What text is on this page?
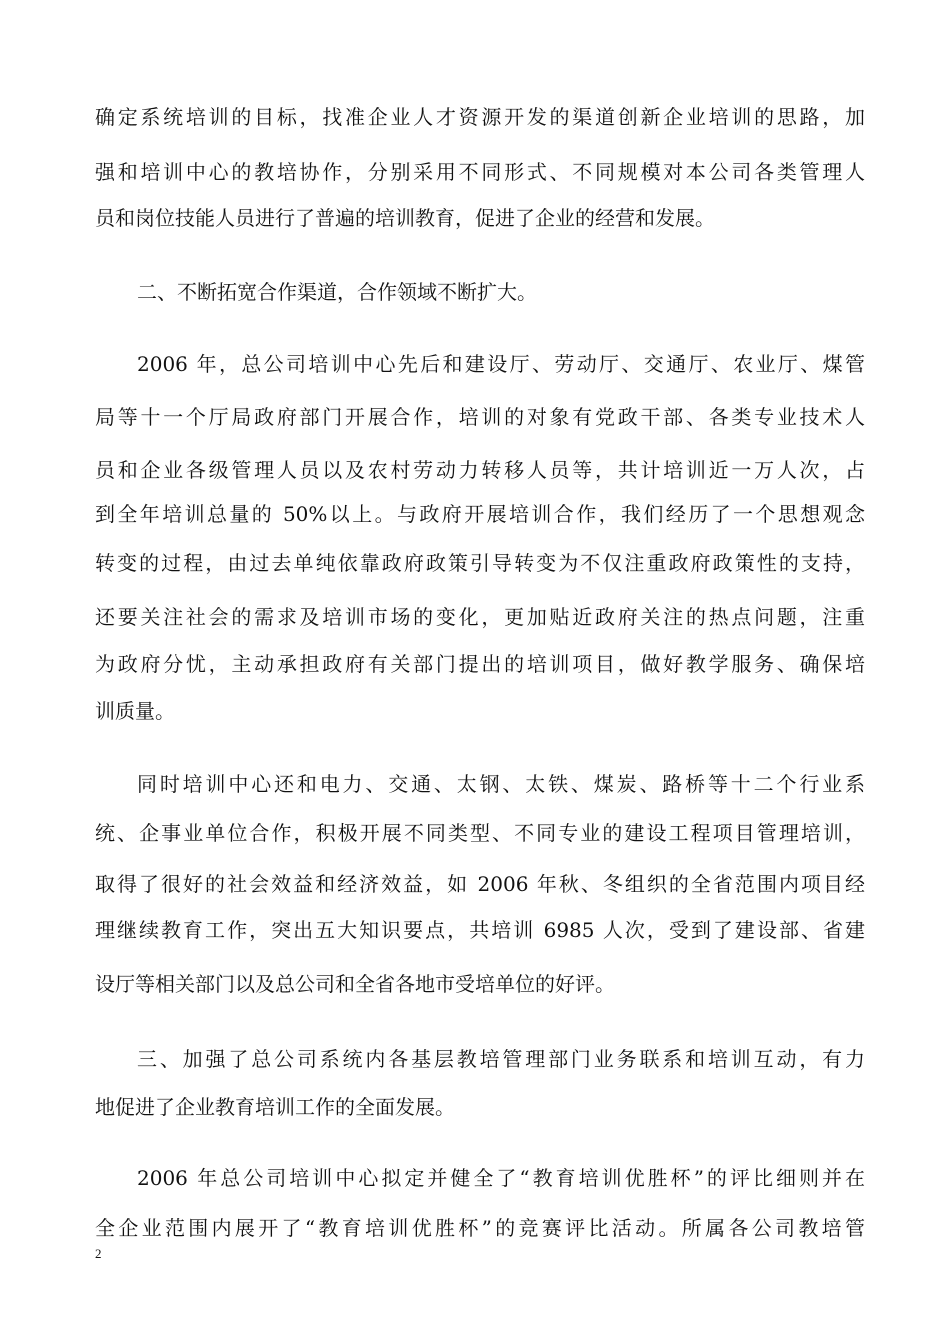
确定系统培训的目标，找准企业人才资源开发的渠道创新企业培训的思路，加
强和培训中心的教培协作，分别采用不同形式、不同规模对本公司各类管理人
员和岗位技能人员进行了普遍的培训教育，促进了企业的经营和发展。
二、不断拓宽合作渠道，合作领域不断扩大。
2006 年，总公司培训中心先后和建设厅、劳动厅、交通厅、农业厅、煤管
局等十一个厅局政府部门开展合作，培训的对象有党政干部、各类专业技术人
员和企业各级管理人员以及农村劳动力转移人员等，共计培训近一万人次，占
到全年培训总量的 50%以上。与政府开展培训合作，我们经历了一个思想观念
转变的过程，由过去单纯依靠政府政策引导转变为不仅注重政府政策性的支持，
还要关注社会的需求及培训市场的变化，更加贴近政府关注的热点问题，注重
为政府分忧，主动承担政府有关部门提出的培训项目，做好教学服务、确保培
训质量。
同时培训中心还和电力、交通、太钢、太铁、煤炭、路桥等十二个行业系
统、企事业单位合作，积极开展不同类型、不同专业的建设工程项目管理培训，
取得了很好的社会效益和经济效益，如 2006 年秋、冬组织的全省范围内项目经
理继续教育工作，突出五大知识要点，共培训 6985 人次，受到了建设部、省建
设厅等相关部门以及总公司和全省各地市受培单位的好评。
三、加强了总公司系统内各基层教培管理部门业务联系和培训互动，有力
地促进了企业教育培训工作的全面发展。
2006 年总公司培训中心拟定并健全了“教育培训优胜杯”的评比细则并在
全企业范围内展开了“教育培训优胜杯”的竞赛评比活动。所属各公司教培管
2
